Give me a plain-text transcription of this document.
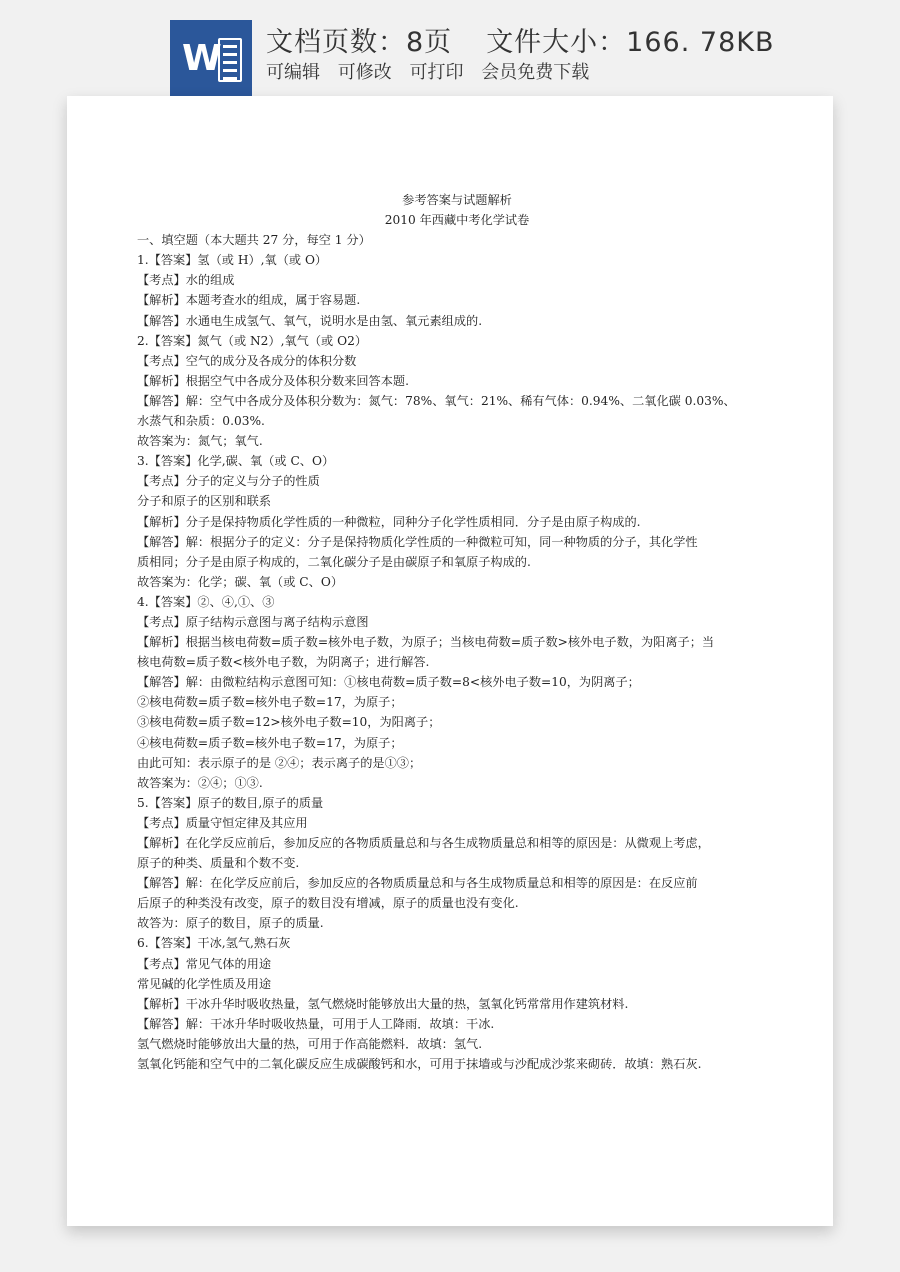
W 文档页数：8页 文件大小：166. 78KB
可编辑 可修改 可打印 会员免费下载
参考答案与试题解析
2010 年西藏中考化学试卷
一、填空题（本大题共 27 分，每空 1 分）
1.【答案】氢（或 H）,氧（或 O）
【考点】水的组成
【解析】本题考查水的组成，属于容易题.
【解答】水通电生成氢气、氧气，说明水是由氢、氧元素组成的.
2.【答案】氮气（或 N2）,氧气（或 O2）
【考点】空气的成分及各成分的体积分数
【解析】根据空气中各成分及体积分数来回答本题.
【解答】解：空气中各成分及体积分数为：氮气：78%、氧气：21%、稀有气体：0.94%、二氧化碳 0.03%、
水蒸气和杂质：0.03%.
故答案为：氮气；氧气.
3.【答案】化学,碳、氧（或 C、O）
【考点】分子的定义与分子的性质
分子和原子的区别和联系
【解析】分子是保持物质化学性质的一种微粒，同种分子化学性质相同．分子是由原子构成的.
【解答】解：根据分子的定义：分子是保持物质化学性质的一种微粒可知，同一种物质的分子，其化学性
质相同；分子是由原子构成的，二氧化碳分子是由碳原子和氧原子构成的.
故答案为：化学；碳、氧（或 C、O）
4.【答案】②、④,①、③
【考点】原子结构示意图与离子结构示意图
【解析】根据当核电荷数=质子数=核外电子数，为原子；当核电荷数=质子数>核外电子数，为阳离子；当
核电荷数=质子数<核外电子数，为阴离子；进行解答.
【解答】解：由微粒结构示意图可知：①核电荷数=质子数=8<核外电子数=10，为阴离子；
②核电荷数=质子数=核外电子数=17，为原子；
③核电荷数=质子数=12>核外电子数=10，为阳离子；
④核电荷数=质子数=核外电子数=17，为原子；
由此可知：表示原子的是 ②④；表示离子的是①③；
故答案为：②④；①③.
5.【答案】原子的数目,原子的质量
【考点】质量守恒定律及其应用
【解析】在化学反应前后，参加反应的各物质质量总和与各生成物质量总和相等的原因是：从微观上考虑，
原子的种类、质量和个数不变.
【解答】解：在化学反应前后，参加反应的各物质质量总和与各生成物质量总和相等的原因是：在反应前
后原子的种类没有改变，原子的数目没有增减，原子的质量也没有变化.
故答为：原子的数目，原子的质量.
6.【答案】干冰,氢气,熟石灰
【考点】常见气体的用途
常见碱的化学性质及用途
【解析】干冰升华时吸收热量，氢气燃烧时能够放出大量的热，氢氧化钙常常用作建筑材料.
【解答】解：干冰升华时吸收热量，可用于人工降雨．故填：干冰.
氢气燃烧时能够放出大量的热，可用于作高能燃料．故填：氢气.
氢氧化钙能和空气中的二氧化碳反应生成碳酸钙和水，可用于抹墙或与沙配成沙浆来砌砖．故填：熟石灰.
